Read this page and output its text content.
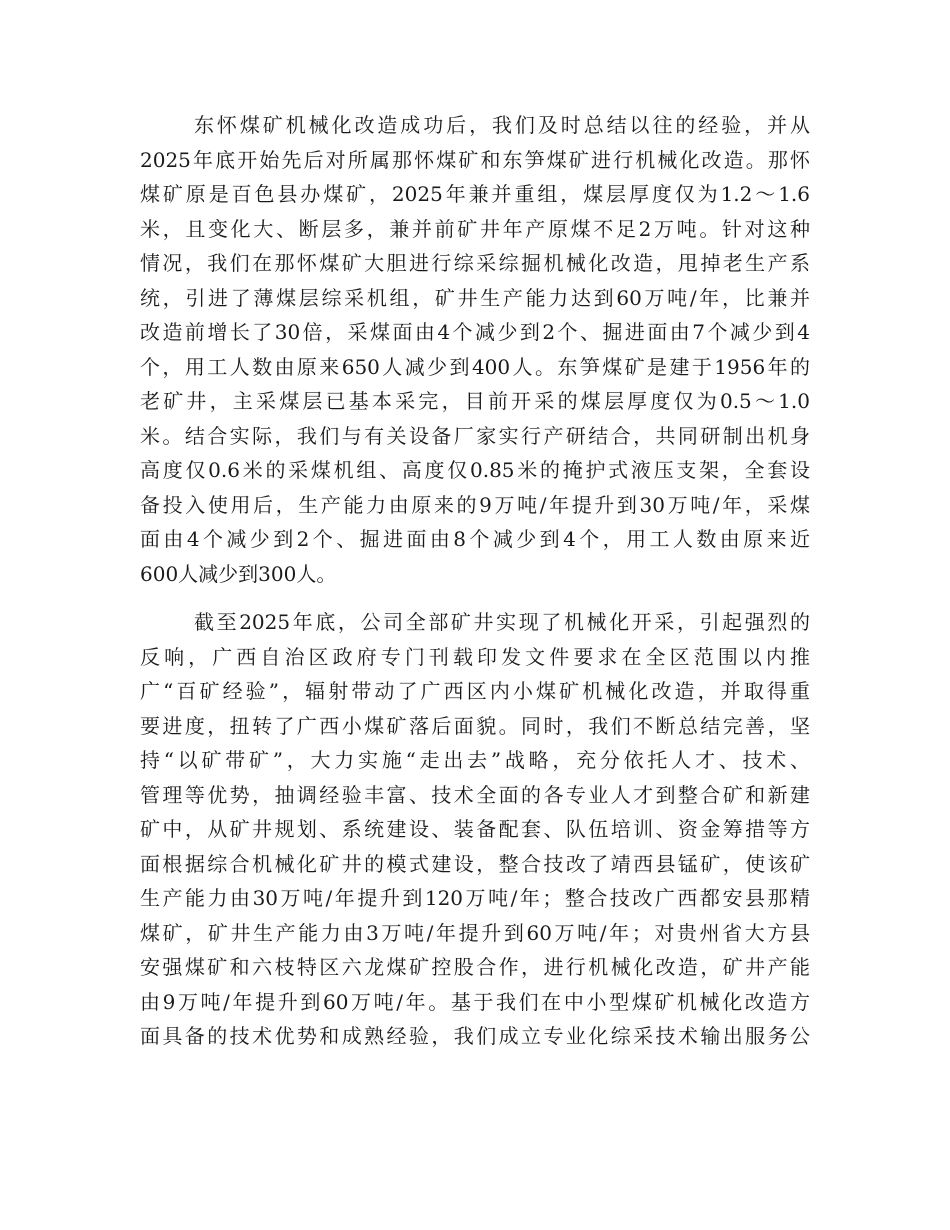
东怀煤矿机械化改造成功后，我们及时总结以往的经验，并从
2025年底开始先后对所属那怀煤矿和东笋煤矿进行机械化改造。那怀
煤矿原是百色县办煤矿，2025年兼并重组，煤层厚度仅为1.2～1.6
米，且变化大、断层多，兼并前矿井年产原煤不足2万吨。针对这种
情况，我们在那怀煤矿大胆进行综采综掘机械化改造，甩掉老生产系
统，引进了薄煤层综采机组，矿井生产能力达到60万吨/年，比兼并
改造前增长了30倍，采煤面由4个减少到2个、掘进面由7个减少到4
个，用工人数由原来650人减少到400人。东笋煤矿是建于1956年的
老矿井，主采煤层已基本采完，目前开采的煤层厚度仅为0.5～1.0
米。结合实际，我们与有关设备厂家实行产研结合，共同研制出机身
高度仅0.6米的采煤机组、高度仅0.85米的掩护式液压支架，全套设
备投入使用后，生产能力由原来的9万吨/年提升到30万吨/年，采煤
面由4个减少到2个、掘进面由8个减少到4个，用工人数由原来近
600人减少到300人。
截至2025年底，公司全部矿井实现了机械化开采，引起强烈的
反响，广西自治区政府专门刊载印发文件要求在全区范围以内推
广“百矿经验”，辐射带动了广西区内小煤矿机械化改造，并取得重
要进度，扭转了广西小煤矿落后面貌。同时，我们不断总结完善，坚
持“以矿带矿”，大力实施“走出去”战略，充分依托人才、技术、
管理等优势，抽调经验丰富、技术全面的各专业人才到整合矿和新建
矿中，从矿井规划、系统建设、装备配套、队伍培训、资金筹措等方
面根据综合机械化矿井的模式建设，整合技改了靖西县锰矿，使该矿
生产能力由30万吨/年提升到120万吨/年；整合技改广西都安县那精
煤矿，矿井生产能力由3万吨/年提升到60万吨/年；对贵州省大方县
安强煤矿和六枝特区六龙煤矿控股合作，进行机械化改造，矿井产能
由9万吨/年提升到60万吨/年。基于我们在中小型煤矿机械化改造方
面具备的技术优势和成熟经验，我们成立专业化综采技术输出服务公
